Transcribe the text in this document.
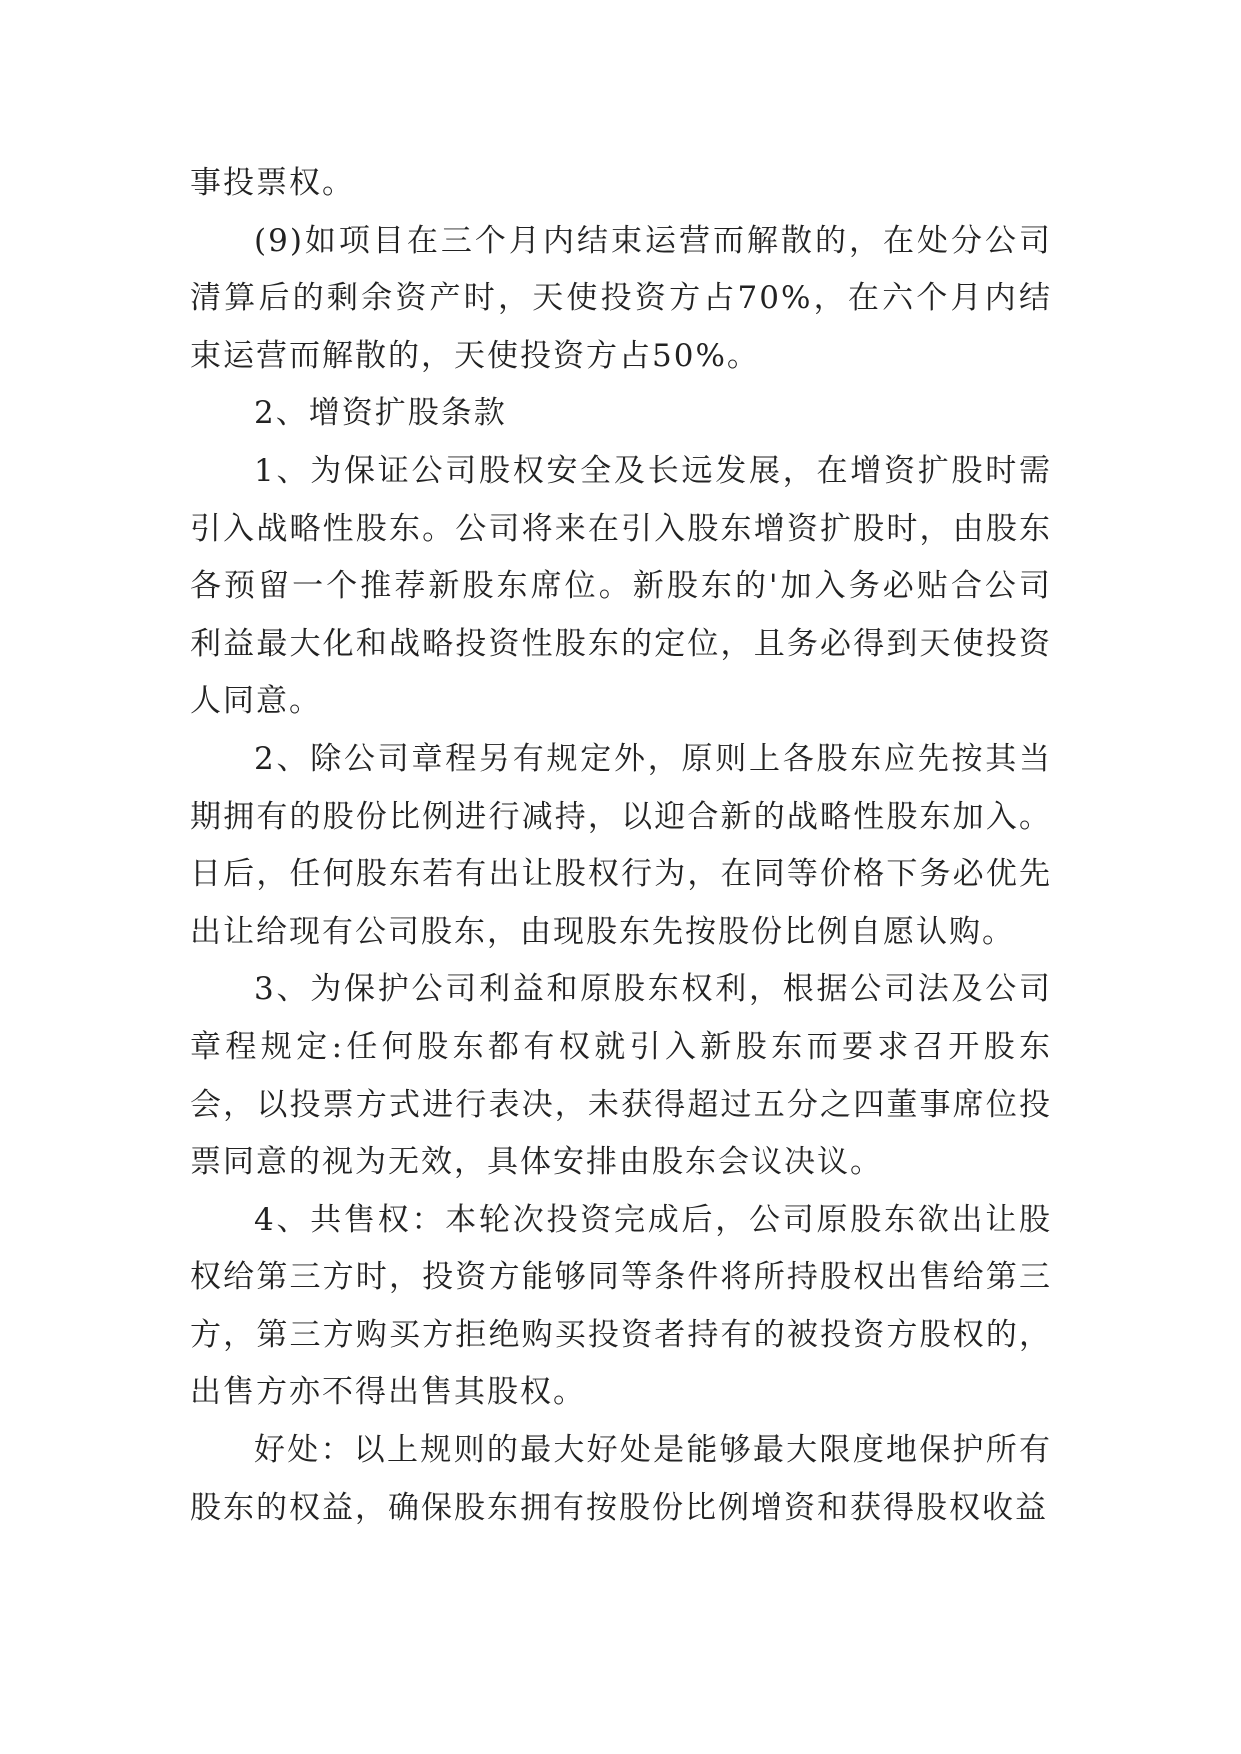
事投票权。

(9)如项目在三个月内结束运营而解散的，在处分公司清算后的剩余资产时，天使投资方占70%，在六个月内结束运营而解散的，天使投资方占50%。

2、增资扩股条款

1、为保证公司股权安全及长远发展，在增资扩股时需引入战略性股东。公司将来在引入股东增资扩股时，由股东各预留一个推荐新股东席位。新股东的'加入务必贴合公司利益最大化和战略投资性股东的定位，且务必得到天使投资人同意。

2、除公司章程另有规定外，原则上各股东应先按其当期拥有的股份比例进行减持，以迎合新的战略性股东加入。日后，任何股东若有出让股权行为，在同等价格下务必优先出让给现有公司股东，由现股东先按股份比例自愿认购。

3、为保护公司利益和原股东权利，根据公司法及公司章程规定:任何股东都有权就引入新股东而要求召开股东会，以投票方式进行表决，未获得超过五分之四董事席位投票同意的视为无效，具体安排由股东会议决议。

4、共售权：本轮次投资完成后，公司原股东欲出让股权给第三方时，投资方能够同等条件将所持股权出售给第三方，第三方购买方拒绝购买投资者持有的被投资方股权的，出售方亦不得出售其股权。

好处：以上规则的最大好处是能够最大限度地保护所有股东的权益，确保股东拥有按股份比例增资和获得股权收益
